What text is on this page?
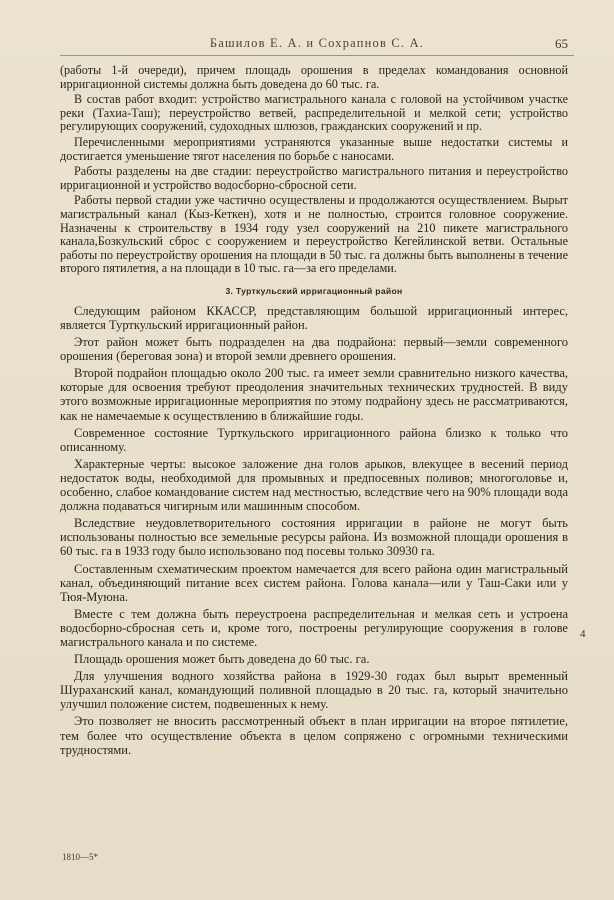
Башилов Е. А. и Сохрапнов С. А.	65

(работы 1-й очереди), причем площадь орошения в пределах командования основной ирригационной системы должна быть доведена до 60 тыс. га.

В состав работ входит: устройство магистрального канала с головой на устойчивом участке реки (Тахиа-Таш); переустройство ветвей, распределительной и мелкой сети; устройство регулирующих сооружений, судоходных шлюзов, гражданских сооружений и пр.

Перечисленными мероприятиями устраняются указанные выше недостатки системы и достигается уменьшение тягот населения по борьбе с наносами.

Работы разделены на две стадии: переустройство магистрального питания и переустройство ирригационной и устройство водосборно-сбросной сети.

Работы первой стадии уже частично осуществлены и продолжаются осуществлением. Вырыт магистральный канал (Кыз-Кеткен), хотя и не полностью, строится головное сооружение. Назначены к строительству в 1934 году узел сооружений на 210 пикете магистрального канала,Бозкульский сброс с сооружением и переустройство Кегейлинской ветви. Остальные работы по переустройству орошения на площади в 50 тыс. га должны быть выполнены в течение второго пятилетия, а на площади в 10 тыс. га—за его пределами.

3. Турткульский ирригационный район

Следующим районом ККАССР, представляющим большой ирригационный интерес, является Турткульский ирригационный район.

Этот район может быть подразделен на два подрайона: первый—земли современного орошения (береговая зона) и второй земли древнего орошения.

Второй подрайон площадью около 200 тыс. га имеет земли сравнительно низкого качества, которые для освоения требуют преодоления значительных технических трудностей. В виду этого возможные ирригационные мероприятия по этому подрайону здесь не рассматриваются, как не намечаемые к осуществлению в ближайшие годы.

Современное состояние Турткульского ирригационного района близко к только что описанному.

Характерные черты: высокое заложение дна голов арыков, влекущее в весений период недостаток воды, необходимой для промывных и предпосевных поливов; многоголовье и, особенно, слабое командование систем над местностью, вследствие чего на 90% площади вода должна подаваться чигирным или машинным способом.

Вследствие неудовлетворительного состояния ирригации в районе не могут быть использованы полностью все земельные ресурсы района. Из возможной площади орошения в 60 тыс. га в 1933 году было использовано под посевы только 30930 га.

Составленным схематическим проектом намечается для всего района один магистральный канал, объединяющий питание всех систем района. Голова канала—или у Таш-Саки или у Тюя-Муюна.

Вместе с тем должна быть переустроена распределительная и мелкая сеть и устроена водосборно-сбросная сеть и, кроме того, построены регулирующие сооружения в голове магистрального канала и по системе.

Площадь орошения может быть доведена до 60 тыс. га.

Для улучшения водного хозяйства района в 1929-30 годах был вырыт временный Шураханский канал, командующий поливной площадью в 20 тыс. га, который значительно улучшил положение систем, подвешенных к нему.

Это позволяет не вносить рассмотренный объект в план ирригации на второе пятилетие, тем более что осуществление объекта в целом сопряжено с огромными техническими трудностями.

4
1810—5*
